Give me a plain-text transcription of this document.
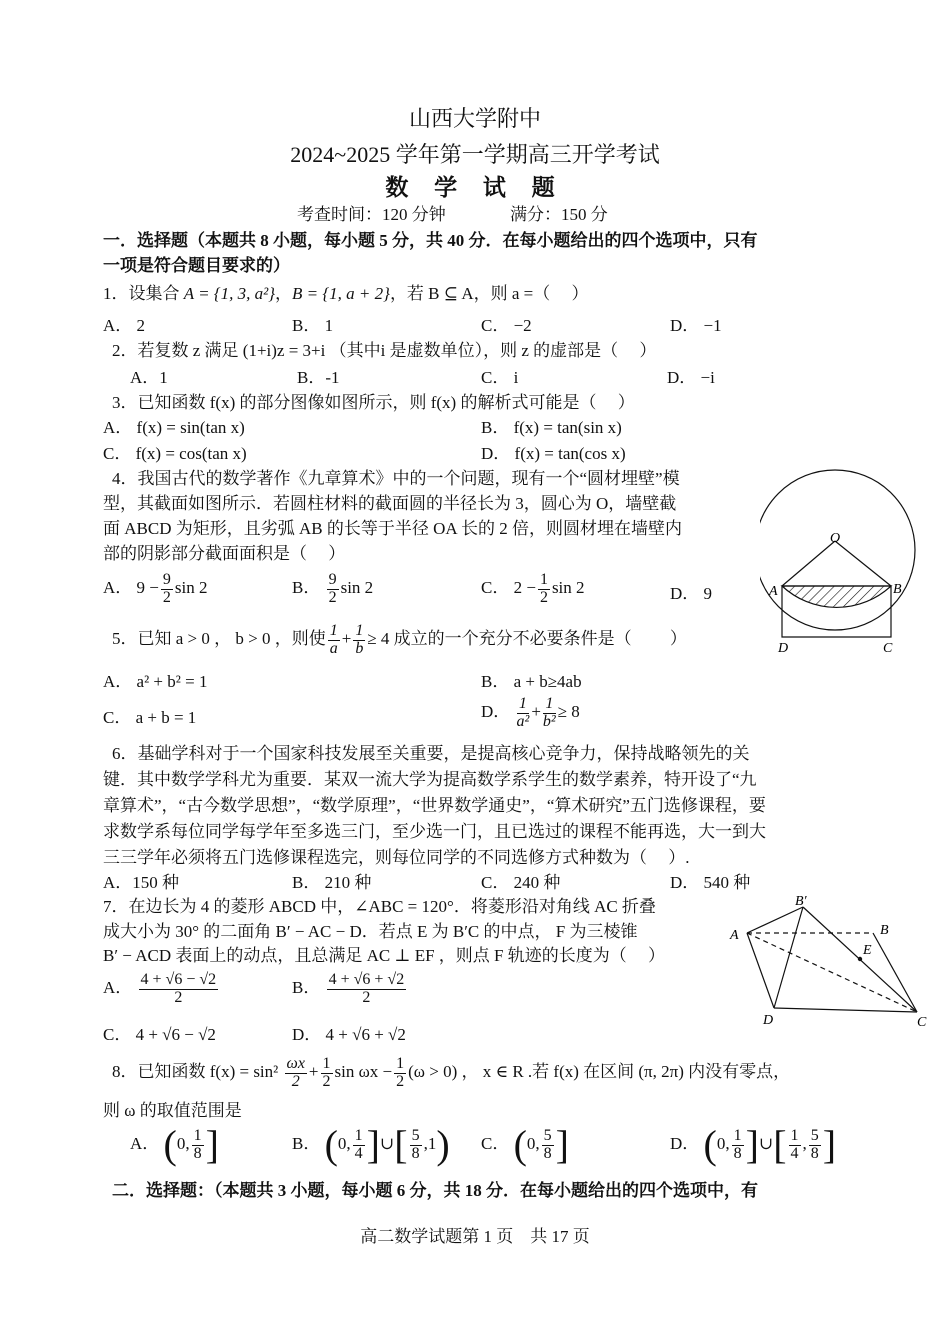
山西大学附中
2024~2025 学年第一学期高三开学考试
数 学 试 题
考查时间：120 分钟	满分：150 分
一．选择题（本题共 8 小题，每小题 5 分，共 40 分．在每小题给出的四个选项中，只有
一项是符合题目要求的）
1．设集合 A = {1, 3, a²}，B = {1, a + 2}，若 B ⊆ A，则 a =（　 ）
A． 2	B． 1	C． −2	D． −1
2．若复数 z 满足 (1+i)z = 3+i （其中i 是虚数单位），则 z 的虚部是（　 ）
A．1	B．-1	C． i	D． −i
3．已知函数 f(x) 的部分图像如图所示，则 f(x) 的解析式可能是（　 ）
A． f(x) = sin(tan x)	B． f(x) = tan(sin x)
C． f(x) = cos(tan x)	D． f(x) = tan(cos x)
4．我国古代的数学著作《九章算术》中的一个问题，现有一个“圆材埋壁”模
型，其截面如图所示．若圆柱材料的截面圆的半径长为 3，圆心为 O，墙壁截
面 ABCD 为矩形，且劣弧 AB 的长等于半径 OA 长的 2 倍，则圆材埋在墙壁内
部的阴影部分截面面积是（　 ）
A． $9 - \frac{9}{2}$ sin 2	B． $\frac{9}{2}$ sin 2	C． $2 - \frac{1}{2}$ sin 2	D． 9
O
A	B
D	C
5．已知 a > 0 ， b > 0 ，则使 $\frac{1}{a} + \frac{1}{b} \ge 4$ 成立的一个充分不必要条件是（　　 ）
A． a² + b² = 1	B． a + b≥4ab
C． a + b = 1	D． $\frac{1}{\text{a²}} + \frac{1}{\text{b²}} \ge 8$
6．基础学科对于一个国家科技发展至关重要，是提高核心竞争力，保持战略领先的关
键．其中数学学科尤为重要．某双一流大学为提高数学系学生的数学素养，特开设了“九
章算术”，“古今数学思想”，“数学原理”，“世界数学通史”，“算术研究”五门选修课程，要
求数学系每位同学每学年至多选三门，至少选一门，且已选过的课程不能再选，大一到大
三三学年必须将五门选修课程选完，则每位同学的不同选修方式种数为（　 ）.
A．150 种	B． 210 种	C． 240 种	D． 540 种
7．在边长为 4 的菱形 ABCD 中，∠ABC = 120°．将菱形沿对角线 AC 折叠
成大小为 30° 的二面角 B′ − AC − D．若点 E 为 B′C 的中点， F 为三棱锥
B′ − ACD 表面上的动点，且总满足 AC ⊥ EF ，则点 F 轨迹的长度为（　 ）
A． $\frac{4 + √6 - √2}{2}$	B． $\frac{4 + √6 + √2}{2}$
C． 4 + √6 − √2	D． 4 + √6 + √2
B′
A	B
E
D	C
8．已知函数 $f(x) = \sin^2 \frac{\omega x}{2} + \frac{1}{2}$ $\sin \omega x - \frac{1}{2} (\omega > 0)$ ， x ∈ R .若 f(x) 在区间 (π, 2π) 内没有零点，
则 ω 的取值范围是
A． (0, $\frac{1}{8}$ ]	B． (0, $\frac{1}{4}$ ]∪[ $\frac{5}{8} ,1$) C． (0, $\frac{5}{8}$ ]	D． (0, $\frac{1}{8}$ ]∪[ $\frac{1}{4}$ , $\frac{5}{8}$ ]
二．选择题：（本题共 3 小题，每小题 6 分，共 18 分．在每小题给出的四个选项中，有
高二数学试题第 1 页　共 17 页
